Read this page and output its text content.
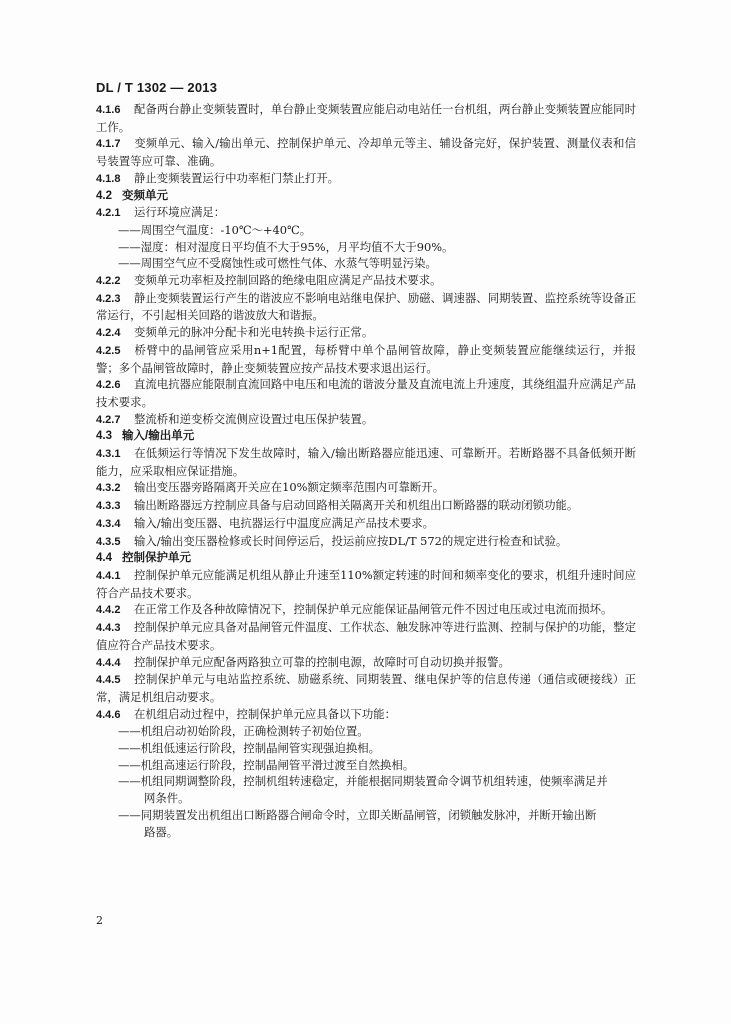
DL / T 1302 — 2013

4.1.6 配备两台静止变频装置时，单台静止变频装置应能启动电站任一台机组，两台静止变频装置应能同时工作。

4.1.7 变频单元、输入/输出单元、控制保护单元、冷却单元等主、辅设备完好，保护装置、测量仪表和信号装置等应可靠、准确。

4.1.8 静止变频装置运行中功率柜门禁止打开。

4.2 变频单元

4.2.1 运行环境应满足：

——周围空气温度：-10℃～+40℃。

——湿度：相对湿度日平均值不大于95%，月平均值不大于90%。

——周围空气应不受腐蚀性或可燃性气体、水蒸气等明显污染。

4.2.2 变频单元功率柜及控制回路的绝缘电阻应满足产品技术要求。

4.2.3 静止变频装置运行产生的谐波应不影响电站继电保护、励磁、调速器、同期装置、监控系统等设备正常运行，不引起相关回路的谐波放大和谐振。

4.2.4 变频单元的脉冲分配卡和光电转换卡运行正常。

4.2.5 桥臂中的晶闸管应采用n+1配置，每桥臂中单个晶闸管故障，静止变频装置应能继续运行，并报警；多个晶闸管故障时，静止变频装置应按产品技术要求退出运行。

4.2.6 直流电抗器应能限制直流回路中电压和电流的谐波分量及直流电流上升速度，其绕组温升应满足产品技术要求。

4.2.7 整流桥和逆变桥交流侧应设置过电压保护装置。

4.3 输入/输出单元

4.3.1 在低频运行等情况下发生故障时，输入/输出断路器应能迅速、可靠断开。若断路器不具备低频开断能力，应采取相应保证措施。

4.3.2 输出变压器旁路隔离开关应在10%额定频率范围内可靠断开。

4.3.3 输出断路器远方控制应具备与启动回路相关隔离开关和机组出口断路器的联动闭锁功能。

4.3.4 输入/输出变压器、电抗器运行中温度应满足产品技术要求。

4.3.5 输入/输出变压器检修或长时间停运后，投运前应按DL/T 572的规定进行检查和试验。

4.4 控制保护单元

4.4.1 控制保护单元应能满足机组从静止升速至110%额定转速的时间和频率变化的要求，机组升速时间应符合产品技术要求。

4.4.2 在正常工作及各种故障情况下，控制保护单元应能保证晶闸管元件不因过电压或过电流而损坏。

4.4.3 控制保护单元应具备对晶闸管元件温度、工作状态、触发脉冲等进行监测、控制与保护的功能，整定值应符合产品技术要求。

4.4.4 控制保护单元应配备两路独立可靠的控制电源，故障时可自动切换并报警。

4.4.5 控制保护单元与电站监控系统、励磁系统、同期装置、继电保护等的信息传递（通信或硬接线）正常，满足机组启动要求。

4.4.6 在机组启动过程中，控制保护单元应具备以下功能：

——机组启动初始阶段，正确检测转子初始位置。

——机组低速运行阶段，控制晶闸管实现强迫换相。

——机组高速运行阶段，控制晶闸管平滑过渡至自然换相。

——机组同期调整阶段，控制机组转速稳定，并能根据同期装置命令调节机组转速，使频率满足并
网条件。

——同期装置发出机组出口断路器合闸命令时，立即关断晶闸管，闭锁触发脉冲，并断开输出断
路器。

2
